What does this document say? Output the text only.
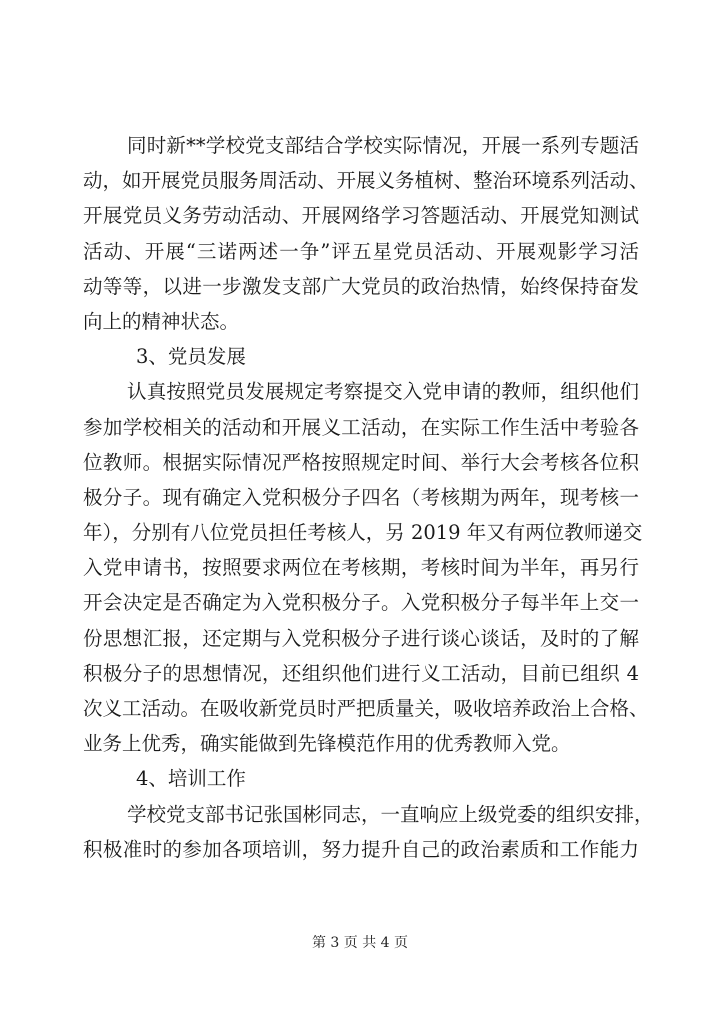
同时新**学校党支部结合学校实际情况，开展一系列专题活
动，如开展党员服务周活动、开展义务植树、整治环境系列活动、
开展党员义务劳动活动、开展网络学习答题活动、开展党知测试
活动、开展“三诺两述一争”评五星党员活动、开展观影学习活
动等等，以进一步激发支部广大党员的政治热情，始终保持奋发
向上的精神状态。
3、党员发展
认真按照党员发展规定考察提交入党申请的教师，组织他们
参加学校相关的活动和开展义工活动，在实际工作生活中考验各
位教师。根据实际情况严格按照规定时间、举行大会考核各位积
极分子。现有确定入党积极分子四名（考核期为两年，现考核一
年），分别有八位党员担任考核人，另 2019 年又有两位教师递交
入党申请书，按照要求两位在考核期，考核时间为半年，再另行
开会决定是否确定为入党积极分子。入党积极分子每半年上交一
份思想汇报，还定期与入党积极分子进行谈心谈话，及时的了解
积极分子的思想情况，还组织他们进行义工活动，目前已组织 4
次义工活动。在吸收新党员时严把质量关，吸收培养政治上合格、
业务上优秀，确实能做到先锋模范作用的优秀教师入党。
4、培训工作
学校党支部书记张国彬同志，一直响应上级党委的组织安排，
积极准时的参加各项培训，努力提升自己的政治素质和工作能力
第 3 页 共 4 页
